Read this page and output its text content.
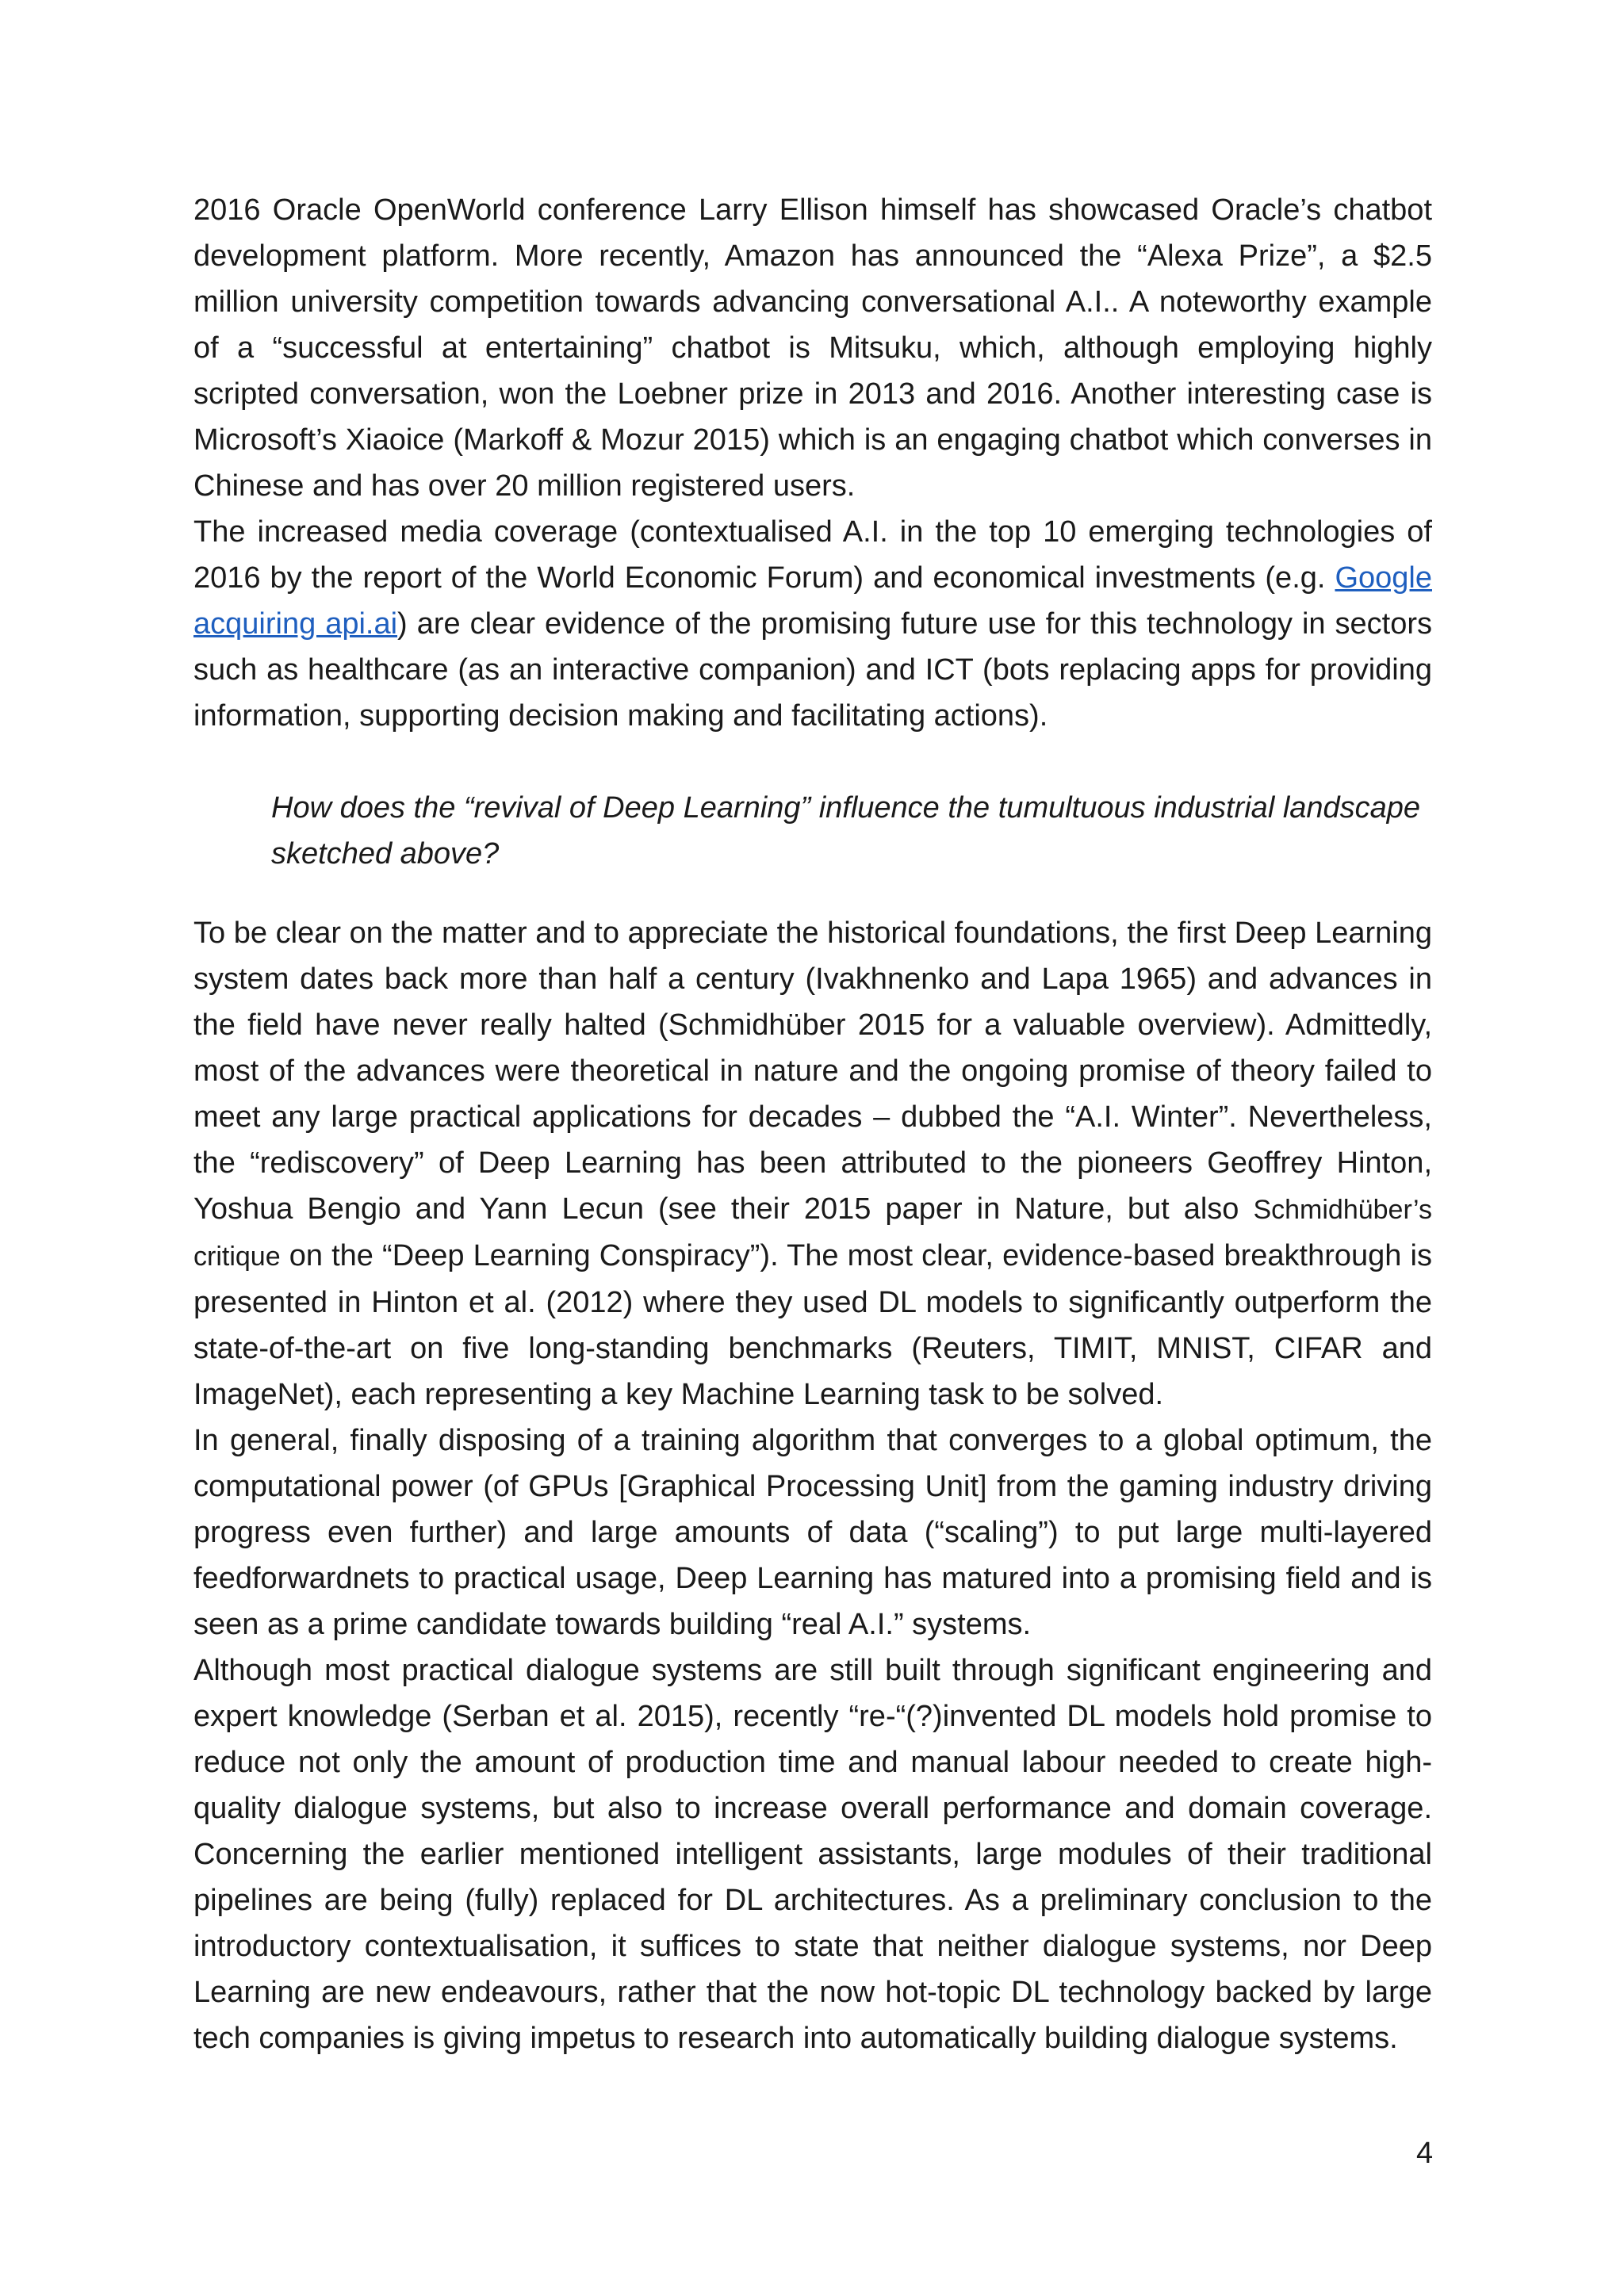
2016 Oracle OpenWorld conference Larry Ellison himself has showcased Oracle’s chatbot development platform. More recently, Amazon has announced the “Alexa Prize”, a $2.5 million university competition towards advancing conversational A.I.. A noteworthy example of a “successful at entertaining” chatbot is Mitsuku, which, although employing highly scripted conversation, won the Loebner prize in 2013 and 2016. Another interesting case is Microsoft’s Xiaoice (Markoff & Mozur 2015) which is an engaging chatbot which converses in Chinese and has over 20 million registered users.

The increased media coverage (contextualised A.I. in the top 10 emerging technologies of 2016 by the report of the World Economic Forum) and economical investments (e.g. Google acquiring api.ai) are clear evidence of the promising future use for this technology in sectors such as healthcare (as an interactive companion) and ICT (bots replacing apps for providing information, supporting decision making and facilitating actions).

How does the “revival of Deep Learning” influence the tumultuous industrial landscape sketched above?

To be clear on the matter and to appreciate the historical foundations, the first Deep Learning system dates back more than half a century (Ivakhnenko and Lapa 1965) and advances in the field have never really halted (Schmidhüber 2015 for a valuable overview). Admittedly, most of the advances were theoretical in nature and the ongoing promise of theory failed to meet any large practical applications for decades – dubbed the “A.I. Winter”. Nevertheless, the “rediscovery” of Deep Learning has been attributed to the pioneers Geoffrey Hinton, Yoshua Bengio and Yann Lecun (see their 2015 paper in Nature, but also Schmidhüber’s critique on the “Deep Learning Conspiracy”). The most clear, evidence-based breakthrough is presented in Hinton et al. (2012) where they used DL models to significantly outperform the state-of-the-art on five long-standing benchmarks (Reuters, TIMIT, MNIST, CIFAR and ImageNet), each representing a key Machine Learning task to be solved.

In general, finally disposing of a training algorithm that converges to a global optimum, the computational power (of GPUs [Graphical Processing Unit] from the gaming industry driving progress even further) and large amounts of data (“scaling”) to put large multi-layered feedforwardnets to practical usage, Deep Learning has matured into a promising field and is seen as a prime candidate towards building “real A.I.” systems.

Although most practical dialogue systems are still built through significant engineering and expert knowledge (Serban et al. 2015), recently “re-“(?)invented DL models hold promise to reduce not only the amount of production time and manual labour needed to create high-quality dialogue systems, but also to increase overall performance and domain coverage. Concerning the earlier mentioned intelligent assistants, large modules of their traditional pipelines are being (fully) replaced for DL architectures. As a preliminary conclusion to the introductory contextualisation, it suffices to state that neither dialogue systems, nor Deep Learning are new endeavours, rather that the now hot-topic DL technology backed by large tech companies is giving impetus to research into automatically building dialogue systems.

4
